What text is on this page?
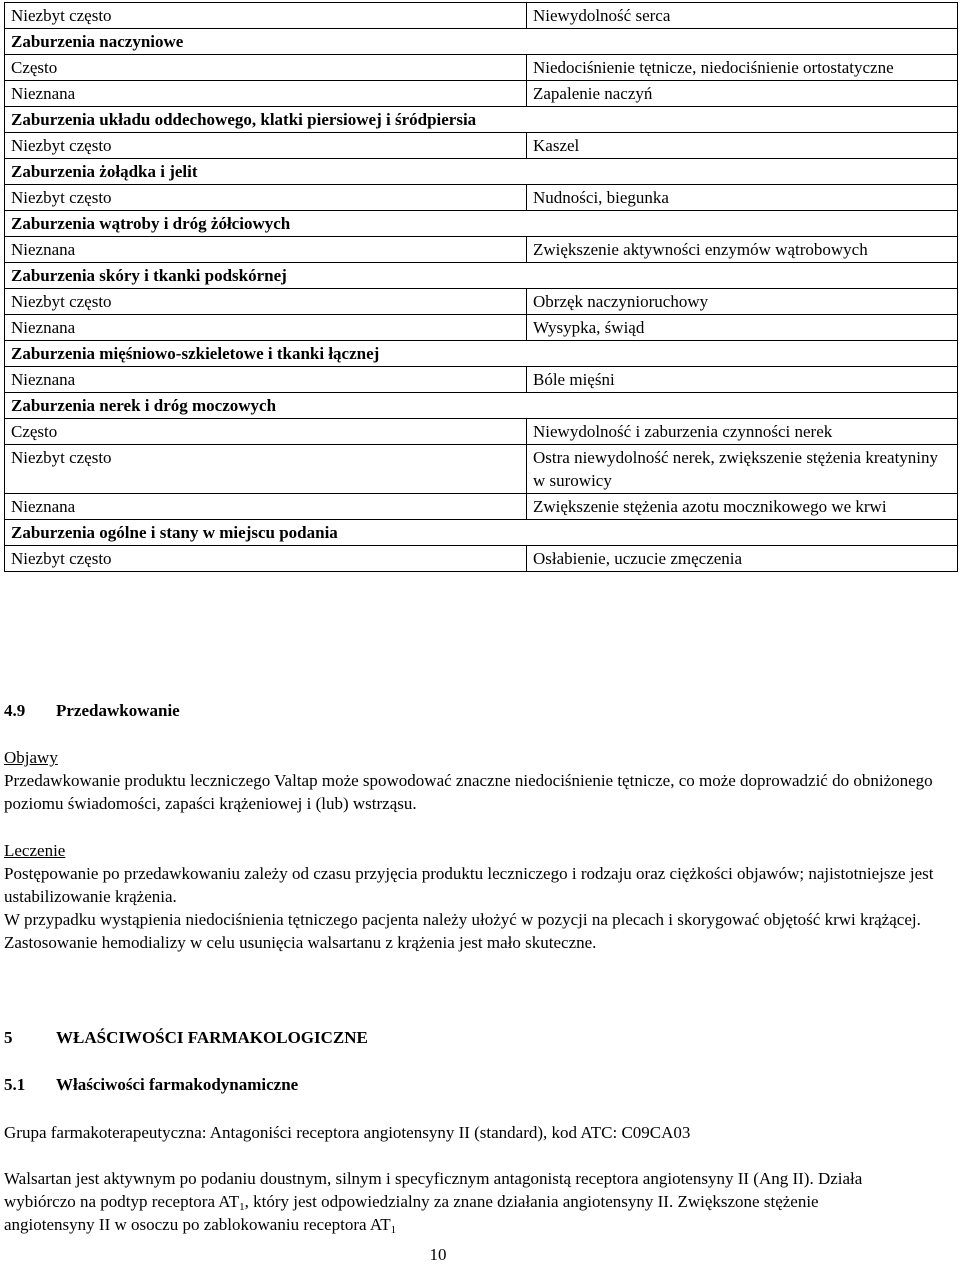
Niezbyt często	Niewydolność serca
Zaburzenia naczyniowe	
Często	Niedociśnienie tętnicze, niedociśnienie ortostatyczne
Nieznana	Zapalenie naczyń
Zaburzenia układu oddechowego, klatki piersiowej i śródpiersia	
Niezbyt często	Kaszel
Zaburzenia żołądka i jelit	
Niezbyt często	Nudności, biegunka
Zaburzenia wątroby i dróg żółciowych	
Nieznana	Zwiększenie aktywności enzymów wątrobowych
Zaburzenia skóry i tkanki podskórnej	
Niezbyt często	Obrzęk naczynioruchowy
Nieznana	Wysypka, świąd
Zaburzenia mięśniowo-szkieletowe i tkanki łącznej	
Nieznana	Bóle mięśni
Zaburzenia nerek i dróg moczowych	
Często	Niewydolność i zaburzenia czynności nerek
Niezbyt często	Ostra niewydolność nerek, zwiększenie stężenia kreatyniny w surowicy
Nieznana	Zwiększenie stężenia azotu mocznikowego we krwi
Zaburzenia ogólne i stany w miejscu podania	
Niezbyt często	Osłabienie, uczucie zmęczenia
4.9 Przedawkowanie

Objawy

Przedawkowanie produktu leczniczego Valtap może spowodować znaczne niedociśnienie tętnicze, co może doprowadzić do obniżonego poziomu świadomości, zapaści krążeniowej i (lub) wstrząsu.

Leczenie

Postępowanie po przedawkowaniu zależy od czasu przyjęcia produktu leczniczego i rodzaju oraz ciężkości objawów; najistotniejsze jest ustabilizowanie krążenia.

W przypadku wystąpienia niedociśnienia tętniczego pacjenta należy ułożyć w pozycji na plecach i skorygować objętość krwi krążącej.

Zastosowanie hemodializy w celu usunięcia walsartanu z krążenia jest mało skuteczne.

5	WŁAŚCIWOŚCI FARMAKOLOGICZNE
5.1 Właściwości farmakodynamiczne

Grupa farmakoterapeutyczna: Antagoniści receptora angiotensyny II (standard), kod ATC: C09CA03

Walsartan jest aktywnym po podaniu doustnym, silnym i specyficznym antagonistą receptora angiotensyny II (Ang II). Działa wybiórczo na podtyp receptora $AT_1$, który jest odpowiedzialny za znane działania angiotensyny II. Zwiększone stężenie angiotensyny II w osoczu po zablokowaniu receptora $AT_1$

10
